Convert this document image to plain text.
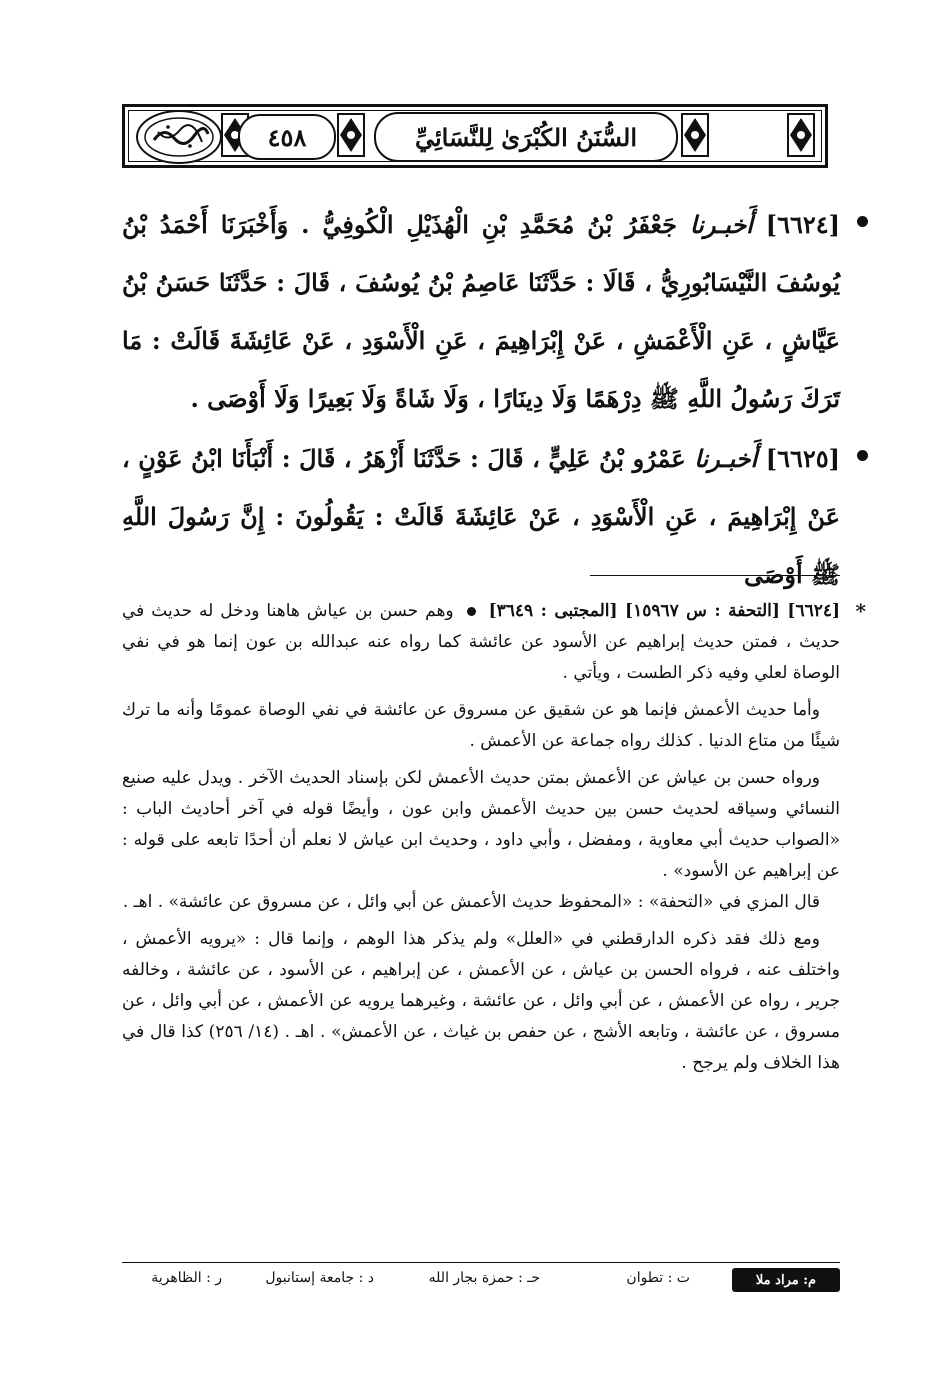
٤٥٨	السُّنَنُ الكُبْرَىٰ لِلنَّسَائِيِّ
[٦٦٢٤] أَخبـرنا جَعْفَرُ بْنُ مُحَمَّدِ بْنِ الْهُذَيْلِ الْكُوفِيُّ . وَأَخْبَرَنَا أَحْمَدُ بْنُ يُوسُفَ النَّيْسَابُورِيُّ ، قَالَا : حَدَّثَنَا عَاصِمُ بْنُ يُوسُفَ ، قَالَ : حَدَّثَنَا حَسَنُ بْنُ عَيَّاشٍ ، عَنِ الْأَعْمَشِ ، عَنْ إِبْرَاهِيمَ ، عَنِ الْأَسْوَدِ ، عَنْ عَائِشَةَ قَالَتْ : مَا تَرَكَ رَسُولُ اللَّهِ ﷺ دِرْهَمًا وَلَا دِينَارًا ، وَلَا شَاةً وَلَا بَعِيرًا وَلَا أَوْصَى .
[٦٦٢٥] أَخبـرنا عَمْرُو بْنُ عَلِيٍّ ، قَالَ : حَدَّثَنَا أَزْهَرُ ، قَالَ : أَنْبَأَنَا ابْنُ عَوْنٍ ، عَنْ إِبْرَاهِيمَ ، عَنِ الْأَسْوَدِ ، عَنْ عَائِشَةَ قَالَتْ : يَقُولُونَ : إِنَّ رَسُولَ اللَّهِ ﷺ أَوْصَى
*

[٦٦٢٤] [التحفة : س ١٥٩٦٧] [المجتبى : ٣٦٤٩]  وهم حسن بن عياش هاهنا ودخل له حديث في حديث ، فمتن حديث إبراهيم عن الأسود عن عائشة كما رواه عنه عبدالله بن عون إنما هو في نفي الوصاة لعلي وفيه ذكر الطست ، ويأتي .

وأما حديث الأعمش فإنما هو عن شقيق عن مسروق عن عائشة في نفي الوصاة عمومًا وأنه ما ترك شيئًا من متاع الدنيا . كذلك رواه جماعة عن الأعمش .

ورواه حسن بن عياش عن الأعمش بمتن حديث الأعمش لكن بإسناد الحديث الآخر . ويدل عليه صنيع النسائي وسياقه لحديث حسن بين حديث الأعمش وابن عون ، وأيضًا قوله في آخر أحاديث الباب : «الصواب حديث أبي معاوية ، ومفضل ، وأبي داود ، وحديث ابن عياش لا نعلم أن أحدًا تابعه على قوله : عن إبراهيم عن الأسود» .

قال المزي في «التحفة» : «المحفوظ حديث الأعمش عن أبي وائل ، عن مسروق عن عائشة» . اهـ .

ومع ذلك فقد ذكره الدارقطني في «العلل» ولم يذكر هذا الوهم ، وإنما قال : «يرويه الأعمش ، واختلف عنه ، فرواه الحسن بن عياش ، عن الأعمش ، عن إبراهيم ، عن الأسود ، عن عائشة ، وخالفه جرير ، رواه عن الأعمش ، عن أبي وائل ، عن عائشة ، وغيرهما يرويه عن الأعمش ، عن أبي وائل ، عن مسروق ، عن عائشة ، وتابعه الأشج ، عن حفص بن غياث ، عن الأعمش» . اهـ . (١٤/ ٢٥٦) كذا قال في هذا الخلاف ولم يرجح .

م: مراد ملا
ت : تطوان
حـ : حمزة بجار الله
د : جامعة إستانبول
ر : الظاهرية
